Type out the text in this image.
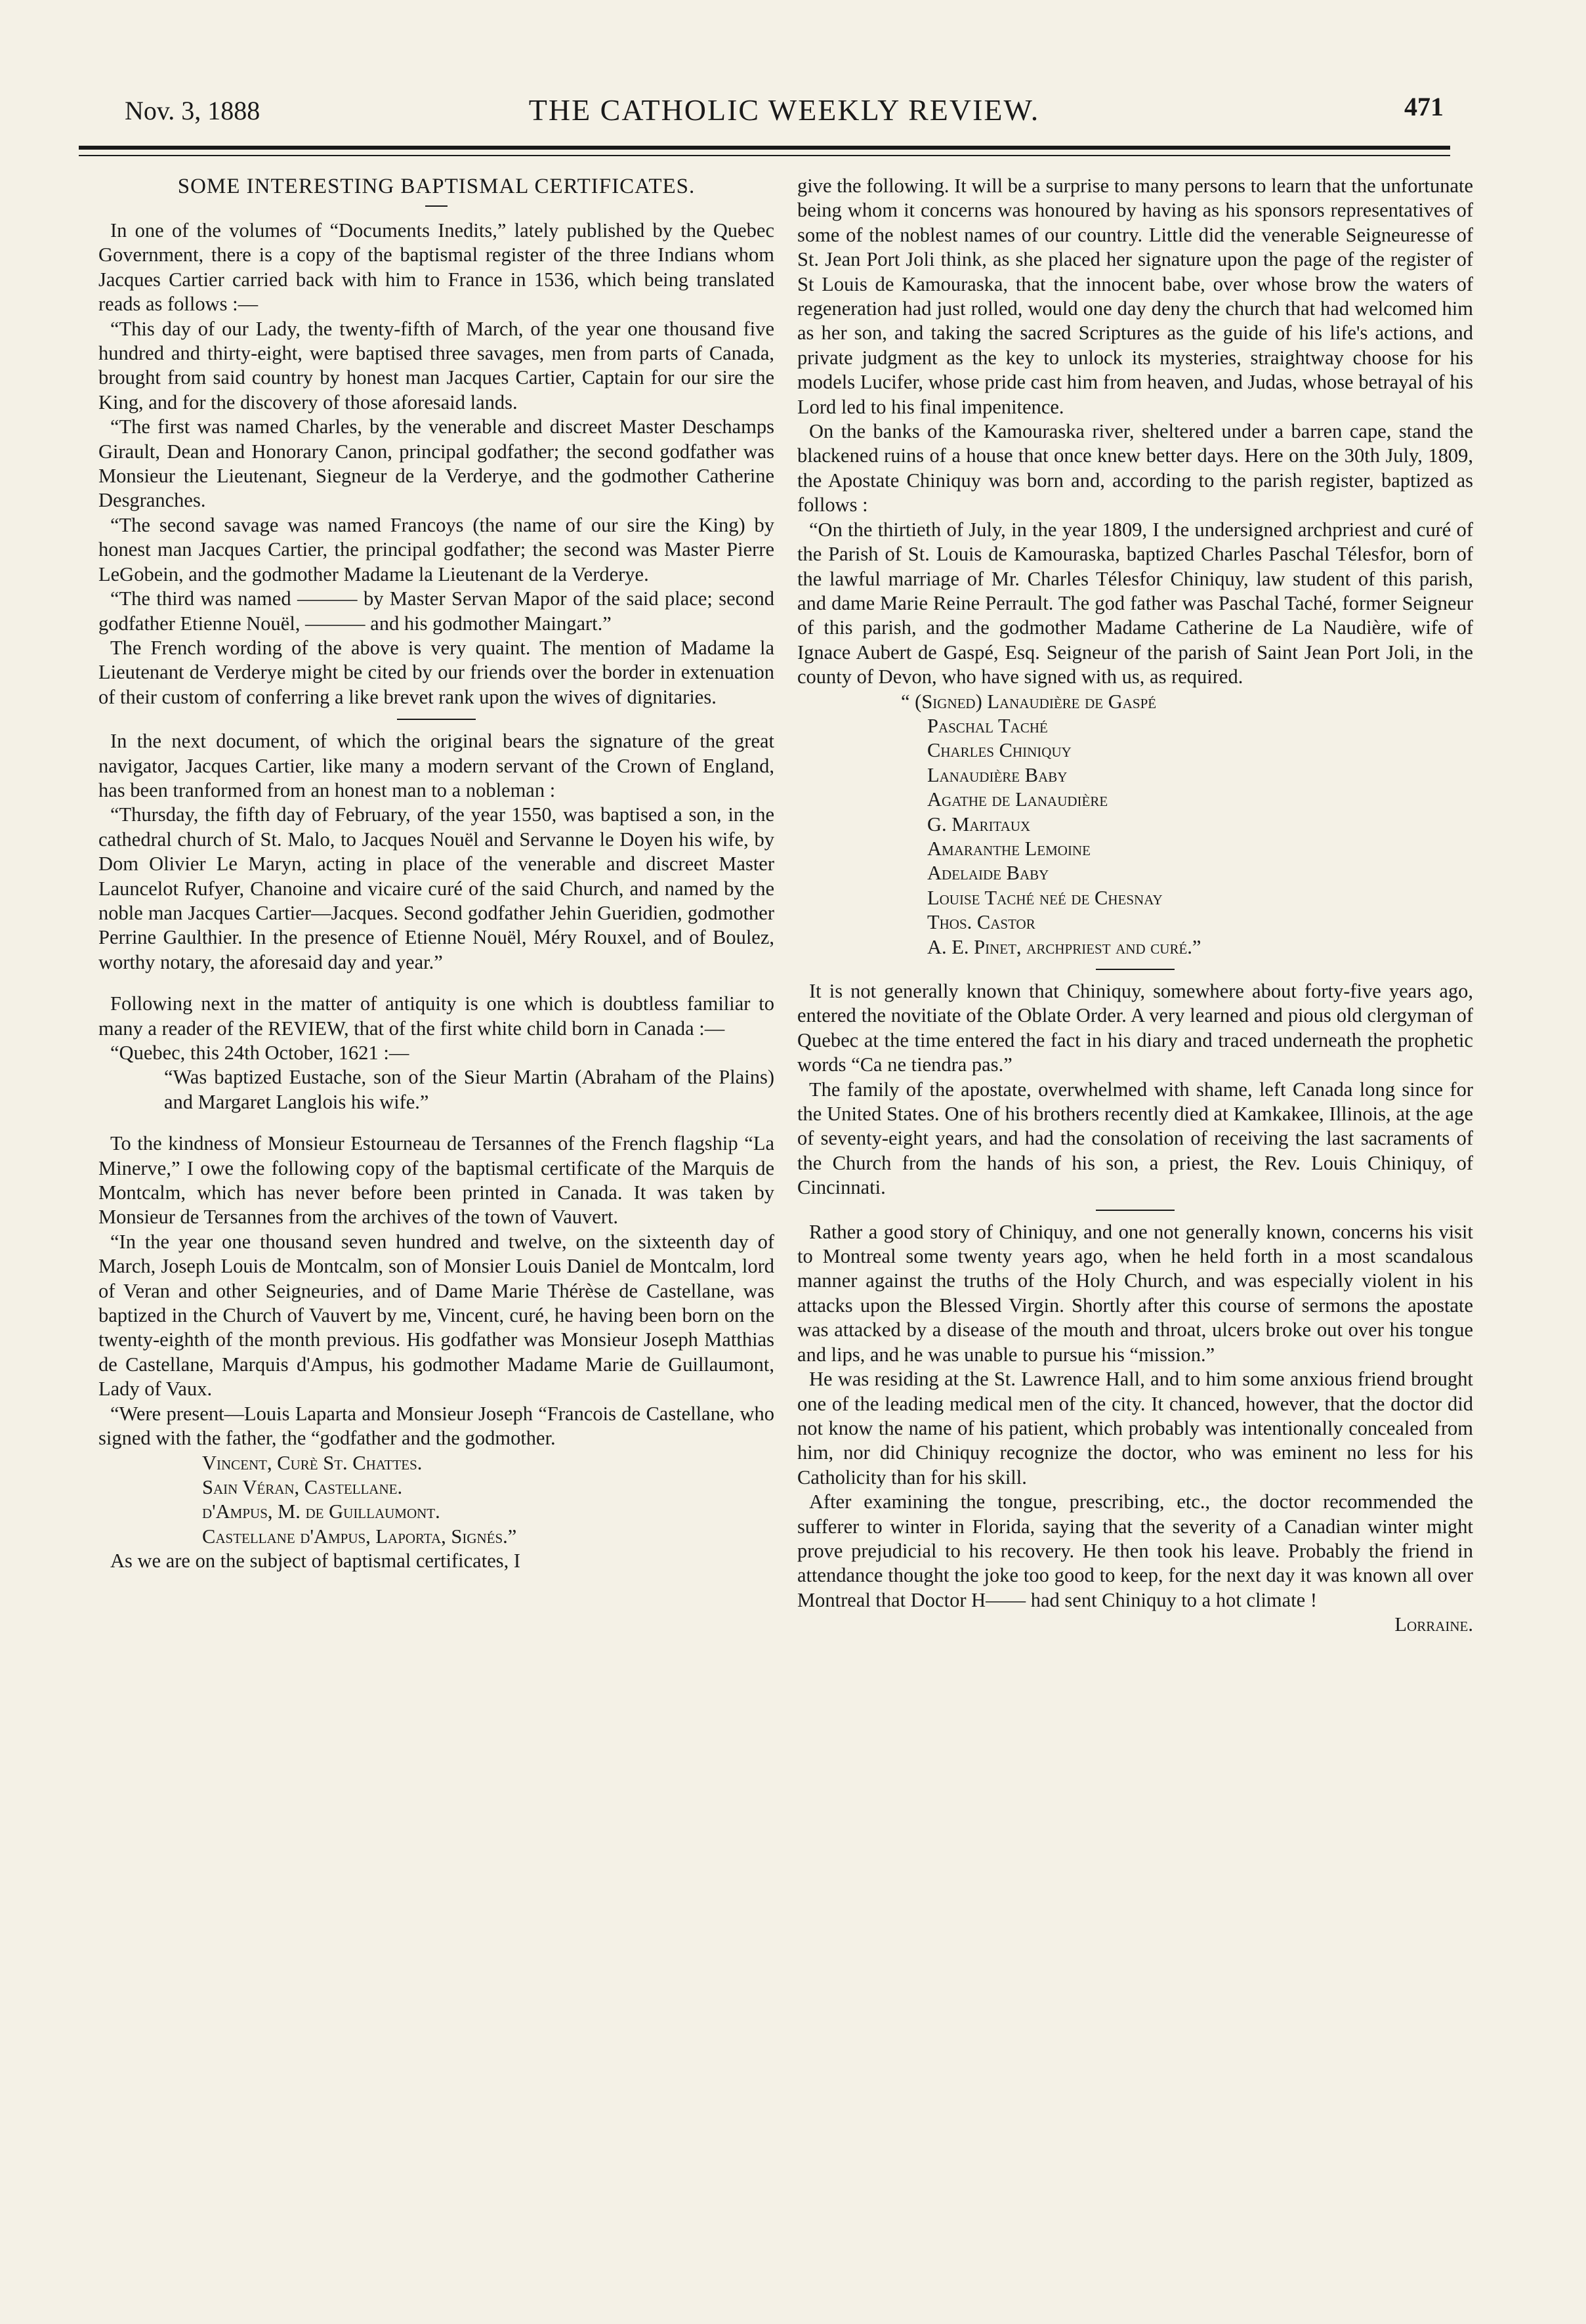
Nov. 3, 1888	THE CATHOLIC WEEKLY REVIEW.	471
SOME INTERESTING BAPTISMAL CERTIFICATES.

In one of the volumes of “Documents Inedits,” lately published by the Quebec Government, there is a copy of the baptismal register of the three Indians whom Jacques Cartier carried back with him to France in 1536, which being translated reads as follows :—

“This day of our Lady, the twenty-fifth of March, of the year one thousand five hundred and thirty-eight, were baptised three savages, men from parts of Canada, brought from said country by honest man Jacques Cartier, Captain for our sire the King, and for the discovery of those aforesaid lands.

“The first was named Charles, by the venerable and discreet Master Deschamps Girault, Dean and Honorary Canon, principal godfather; the second godfather was Monsieur the Lieutenant, Siegneur de la Verderye, and the godmother Catherine Desgranches.

“The second savage was named Francoys (the name of our sire the King) by honest man Jacques Cartier, the principal godfather; the second was Master Pierre LeGobein, and the godmother Madame la Lieutenant de la Verderye.

“The third was named ——— by Master Servan Mapor of the said place; second godfather Etienne Nouël, ——— and his godmother Maingart.”

The French wording of the above is very quaint. The mention of Madame la Lieutenant de Verderye might be cited by our friends over the border in extenuation of their custom of conferring a like brevet rank upon the wives of dignitaries.

In the next document, of which the original bears the signature of the great navigator, Jacques Cartier, like many a modern servant of the Crown of England, has been tranformed from an honest man to a nobleman :

“Thursday, the fifth day of February, of the year 1550, was baptised a son, in the cathedral church of St. Malo, to Jacques Nouël and Servanne le Doyen his wife, by Dom Olivier Le Maryn, acting in place of the venerable and discreet Master Launcelot Rufyer, Chanoine and vicaire curé of the said Church, and named by the noble man Jacques Cartier—Jacques. Second godfather Jehin Gueridien, godmother Perrine Gaulthier. In the presence of Etienne Nouël, Méry Rouxel, and of Boulez, worthy notary, the aforesaid day and year.”

Following next in the matter of antiquity is one which is doubtless familiar to many a reader of the REVIEW, that of the first white child born in Canada :—

“Quebec, this 24th October, 1621 :—

“Was baptized Eustache, son of the Sieur Martin (Abraham of the Plains) and Margaret Langlois his wife.”

To the kindness of Monsieur Estourneau de Tersannes of the French flagship “La Minerve,” I owe the following copy of the baptismal certificate of the Marquis de Montcalm, which has never before been printed in Canada. It was taken by Monsieur de Tersannes from the archives of the town of Vauvert.

“In the year one thousand seven hundred and twelve, on the sixteenth day of March, Joseph Louis de Montcalm, son of Monsier Louis Daniel de Montcalm, lord of Veran and other Seigneuries, and of Dame Marie Thérèse de Castellane, was baptized in the Church of Vauvert by me, Vincent, curé, he having been born on the twenty-eighth of the month previous. His godfather was Monsieur Joseph Matthias de Castellane, Marquis d'Ampus, his godmother Madame Marie de Guillaumont, Lady of Vaux.

“Were present—Louis Laparta and Monsieur Joseph “Francois de Castellane, who signed with the father, the “godfather and the godmother.

Vincent, Curè St. Chattes.

Sain Véran, Castellane.

d'Ampus, M. de Guillaumont.

Castellane d'Ampus, Laporta, Signés.”

As we are on the subject of baptismal certificates, I

give the following. It will be a surprise to many persons to learn that the unfortunate being whom it concerns was honoured by having as his sponsors representatives of some of the noblest names of our country. Little did the venerable Seigneuresse of St. Jean Port Joli think, as she placed her signature upon the page of the register of St Louis de Kamouraska, that the innocent babe, over whose brow the waters of regeneration had just rolled, would one day deny the church that had welcomed him as her son, and taking the sacred Scriptures as the guide of his life's actions, and private judgment as the key to unlock its mysteries, straightway choose for his models Lucifer, whose pride cast him from heaven, and Judas, whose betrayal of his Lord led to his final impenitence.

On the banks of the Kamouraska river, sheltered under a barren cape, stand the blackened ruins of a house that once knew better days. Here on the 30th July, 1809, the Apostate Chiniquy was born and, according to the parish register, baptized as follows :

“On the thirtieth of July, in the year 1809, I the undersigned archpriest and curé of the Parish of St. Louis de Kamouraska, baptized Charles Paschal Télesfor, born of the lawful marriage of Mr. Charles Télesfor Chiniquy, law student of this parish, and dame Marie Reine Perrault. The god father was Paschal Taché, former Seigneur of this parish, and the godmother Madame Catherine de La Naudière, wife of Ignace Aubert de Gaspé, Esq. Seigneur of the parish of Saint Jean Port Joli, in the county of Devon, who have signed with us, as required.

“ (Signed) Lanaudière de Gaspé

Paschal Taché

Charles Chiniquy

Lanaudière Baby

Agathe de Lanaudière

G. Maritaux

Amaranthe Lemoine

Adelaide Baby

Louise Taché neé de Chesnay

Thos. Castor

A. E. Pinet, archpriest and curé.”

It is not generally known that Chiniquy, somewhere about forty-five years ago, entered the novitiate of the Oblate Order. A very learned and pious old clergyman of Quebec at the time entered the fact in his diary and traced underneath the prophetic words “Ca ne tiendra pas.”

The family of the apostate, overwhelmed with shame, left Canada long since for the United States. One of his brothers recently died at Kamkakee, Illinois, at the age of seventy-eight years, and had the consolation of receiving the last sacraments of the Church from the hands of his son, a priest, the Rev. Louis Chiniquy, of Cincinnati.

Rather a good story of Chiniquy, and one not generally known, concerns his visit to Montreal some twenty years ago, when he held forth in a most scandalous manner against the truths of the Holy Church, and was especially violent in his attacks upon the Blessed Virgin. Shortly after this course of sermons the apostate was attacked by a disease of the mouth and throat, ulcers broke out over his tongue and lips, and he was unable to pursue his “mission.”

He was residing at the St. Lawrence Hall, and to him some anxious friend brought one of the leading medical men of the city. It chanced, however, that the doctor did not know the name of his patient, which probably was intentionally concealed from him, nor did Chiniquy recognize the doctor, who was eminent no less for his Catholicity than for his skill.

After examining the tongue, prescribing, etc., the doctor recommended the sufferer to winter in Florida, saying that the severity of a Canadian winter might prove prejudicial to his recovery. He then took his leave. Probably the friend in attendance thought the joke too good to keep, for the next day it was known all over Montreal that Doctor H—— had sent Chiniquy to a hot climate !

Lorraine.
